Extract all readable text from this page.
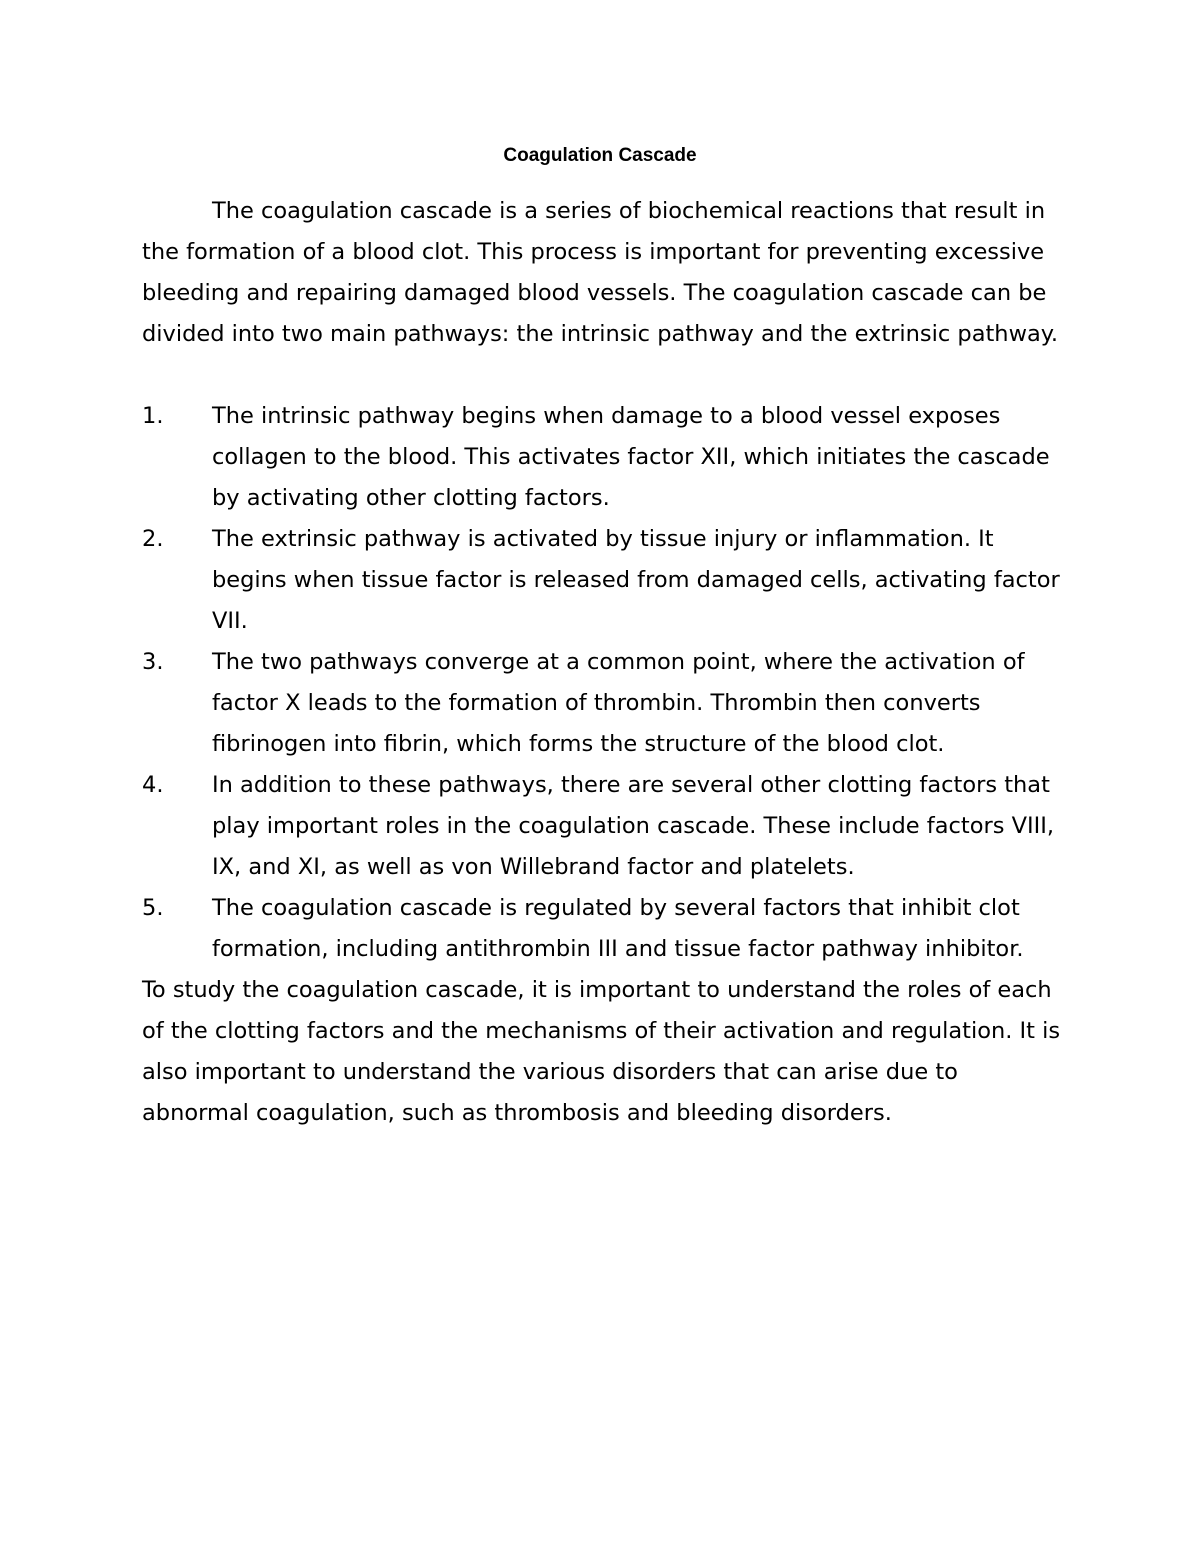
Coagulation Cascade

The coagulation cascade is a series of biochemical reactions that result in the formation of a blood clot. This process is important for preventing excessive bleeding and repairing damaged blood vessels. The coagulation cascade can be divided into two main pathways: the intrinsic pathway and the extrinsic pathway.

1.	The intrinsic pathway begins when damage to a blood vessel exposes collagen to the blood. This activates factor XII, which initiates the cascade by activating other clotting factors.
2.	The extrinsic pathway is activated by tissue injury or inflammation. It begins when tissue factor is released from damaged cells, activating factor VII.
3.	The two pathways converge at a common point, where the activation of factor X leads to the formation of thrombin. Thrombin then converts fibrinogen into fibrin, which forms the structure of the blood clot.
4.	In addition to these pathways, there are several other clotting factors that play important roles in the coagulation cascade. These include factors VIII, IX, and XI, as well as von Willebrand factor and platelets.
5.	The coagulation cascade is regulated by several factors that inhibit clot formation, including antithrombin III and tissue factor pathway inhibitor.

To study the coagulation cascade, it is important to understand the roles of each of the clotting factors and the mechanisms of their activation and regulation. It is also important to understand the various disorders that can arise due to abnormal coagulation, such as thrombosis and bleeding disorders.
